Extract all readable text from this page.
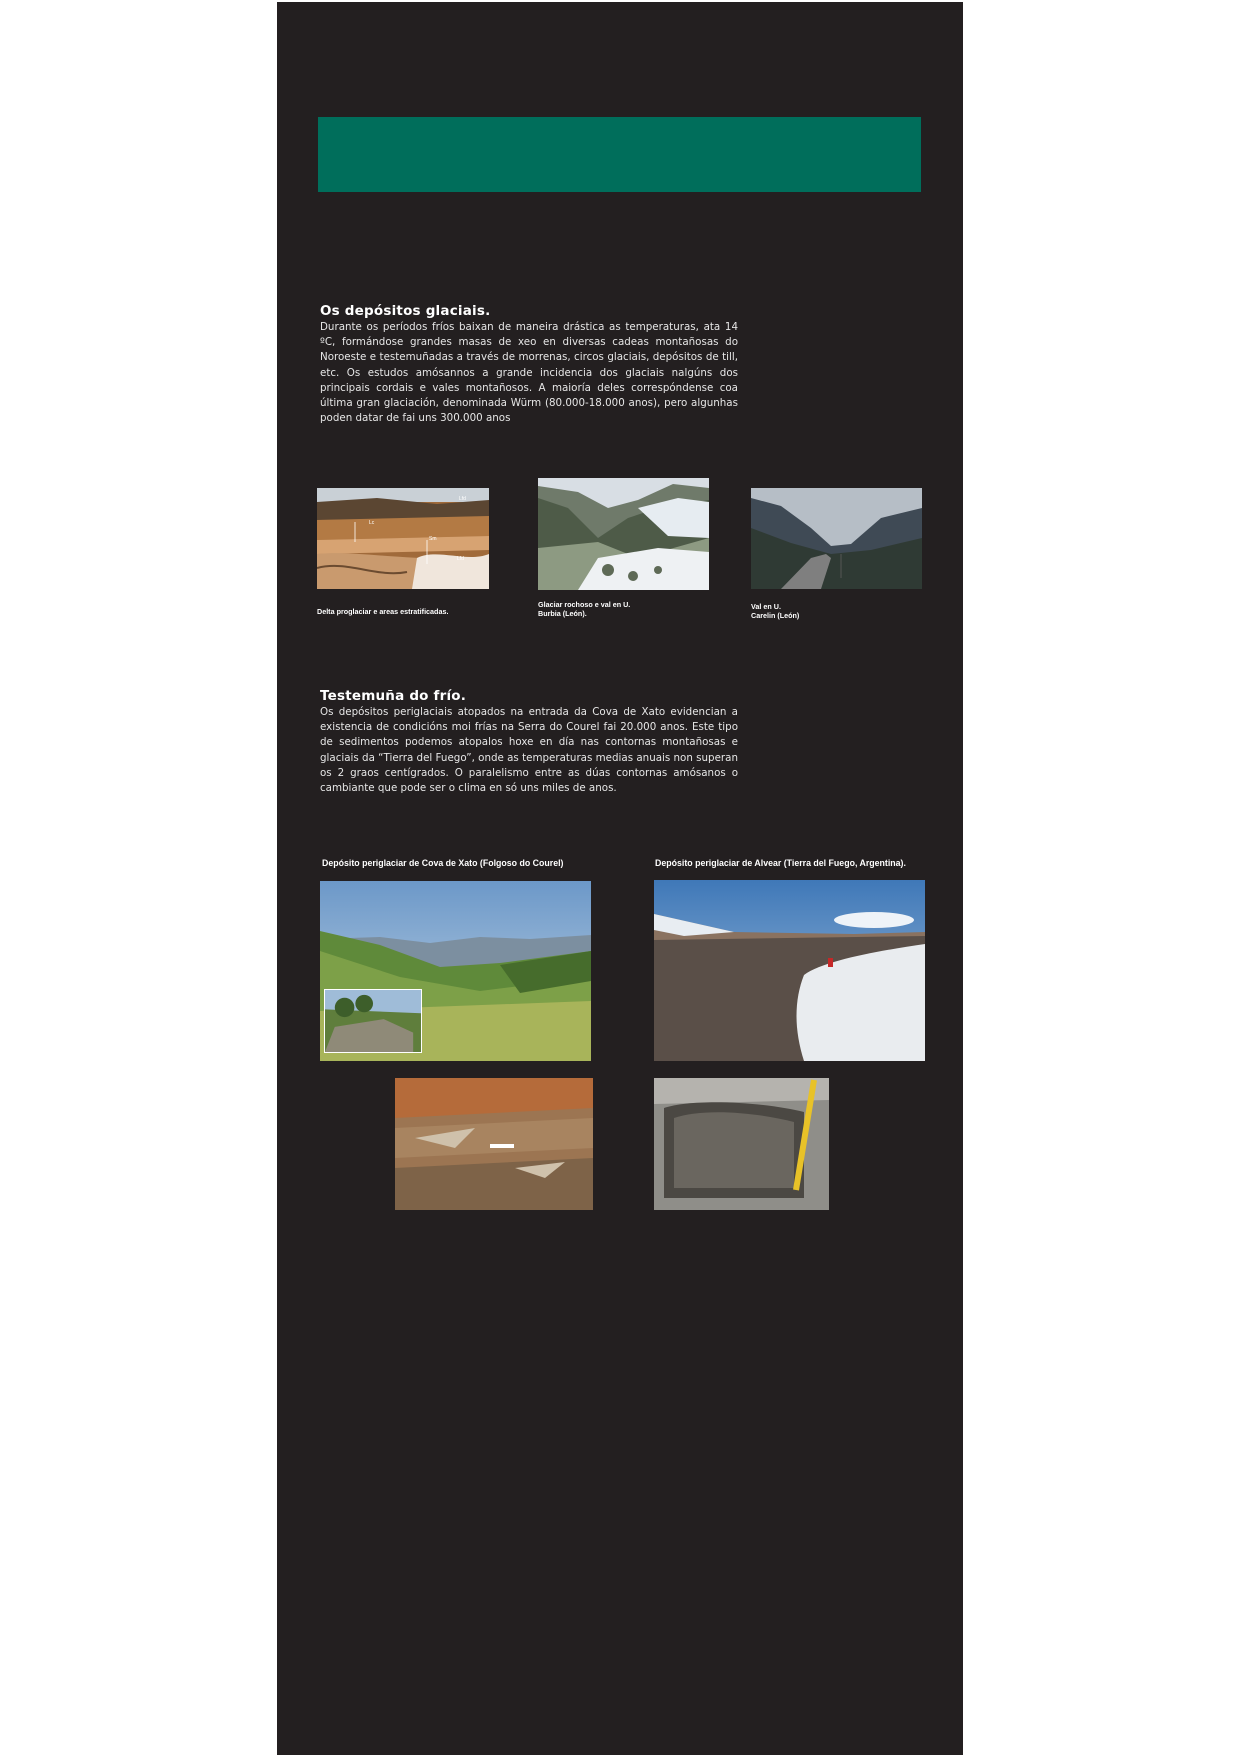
Os depósitos glaciais.

Durante os períodos fríos baixan de maneira drástica as temperaturas, ata 14 ºC, formándose grandes masas de xeo en diversas cadeas montañosas do Noroeste e testemuñadas a través de morrenas, circos glaciais, depósitos de till, etc. Os estudos amósannos a grande incidencia dos glaciais nalgúns dos principais cordais e vales montañosos. A maioría deles correspóndense coa última gran glaciación, denominada Würm (80.000-18.000 anos), pero algunhas poden datar de fai uns 300.000 anos

Lfd
Lc
Sm
Lfd
Delta proglaciar e areas estratificadas.
Glaciar rochoso e val en U.
Burbia (León).
Val en U.
Carelin (León)
Testemuña do frío.

Os depósitos periglaciais atopados na entrada da Cova de Xato evidencian a existencia de condicións moi frías na Serra do Courel fai 20.000 anos. Este tipo de sedimentos podemos atopalos hoxe en día nas contornas montañosas e glaciais da “Tierra del Fuego”, onde as temperaturas medias anuais non superan os 2 graos centígrados. O paralelismo entre as dúas contornas amósanos o cambiante que pode ser o clima en só uns miles de anos.

Depósito periglaciar de Cova de Xato (Folgoso do Courel)	Depósito periglaciar de Alvear (Tierra del Fuego, Argentina).
